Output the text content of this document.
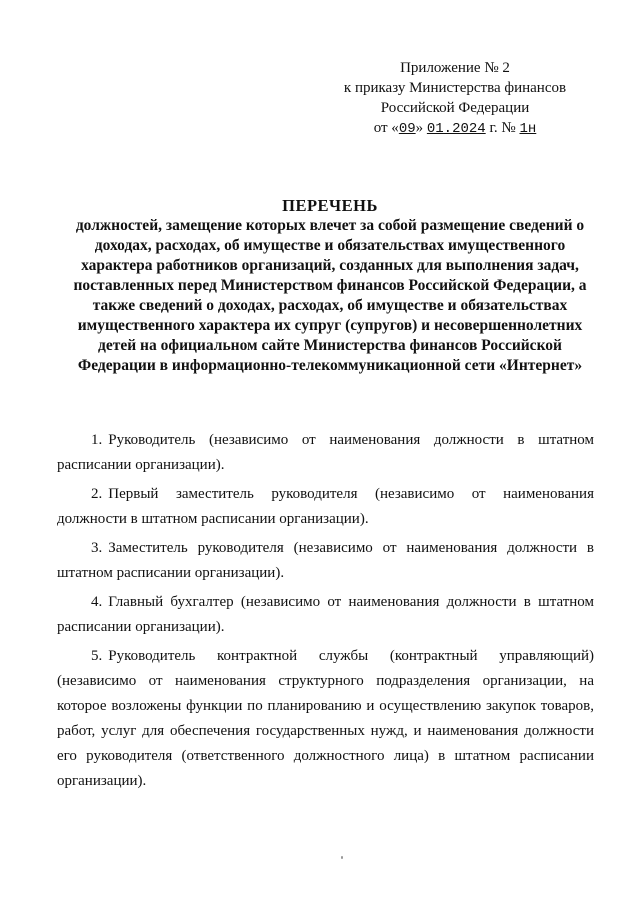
Приложение № 2
к приказу Министерства финансов
Российской Федерации
от «09» 01.2024 г. № 1н
ПЕРЕЧЕНЬ

должностей, замещение которых влечет за собой размещение сведений о доходах, расходах, об имуществе и обязательствах имущественного характера работников организаций, созданных для выполнения задач, поставленных перед Министерством финансов Российской Федерации, а также сведений о доходах, расходах, об имуществе и обязательствах имущественного характера их супруг (супругов) и несовершеннолетних детей на официальном сайте Министерства финансов Российской Федерации в информационно-телекоммуникационной сети «Интернет»

1. Руководитель (независимо от наименования должности в штатном расписании организации).

2. Первый заместитель руководителя (независимо от наименования должности в штатном расписании организации).

3. Заместитель руководителя (независимо от наименования должности в штатном расписании организации).

4. Главный бухгалтер (независимо от наименования должности в штатном расписании организации).

5. Руководитель контрактной службы (контрактный управляющий) (независимо от наименования структурного подразделения организации, на которое возложены функции по планированию и осуществлению закупок товаров, работ, услуг для обеспечения государственных нужд, и наименования должности его руководителя (ответственного должностного лица) в штатном расписании организации).
